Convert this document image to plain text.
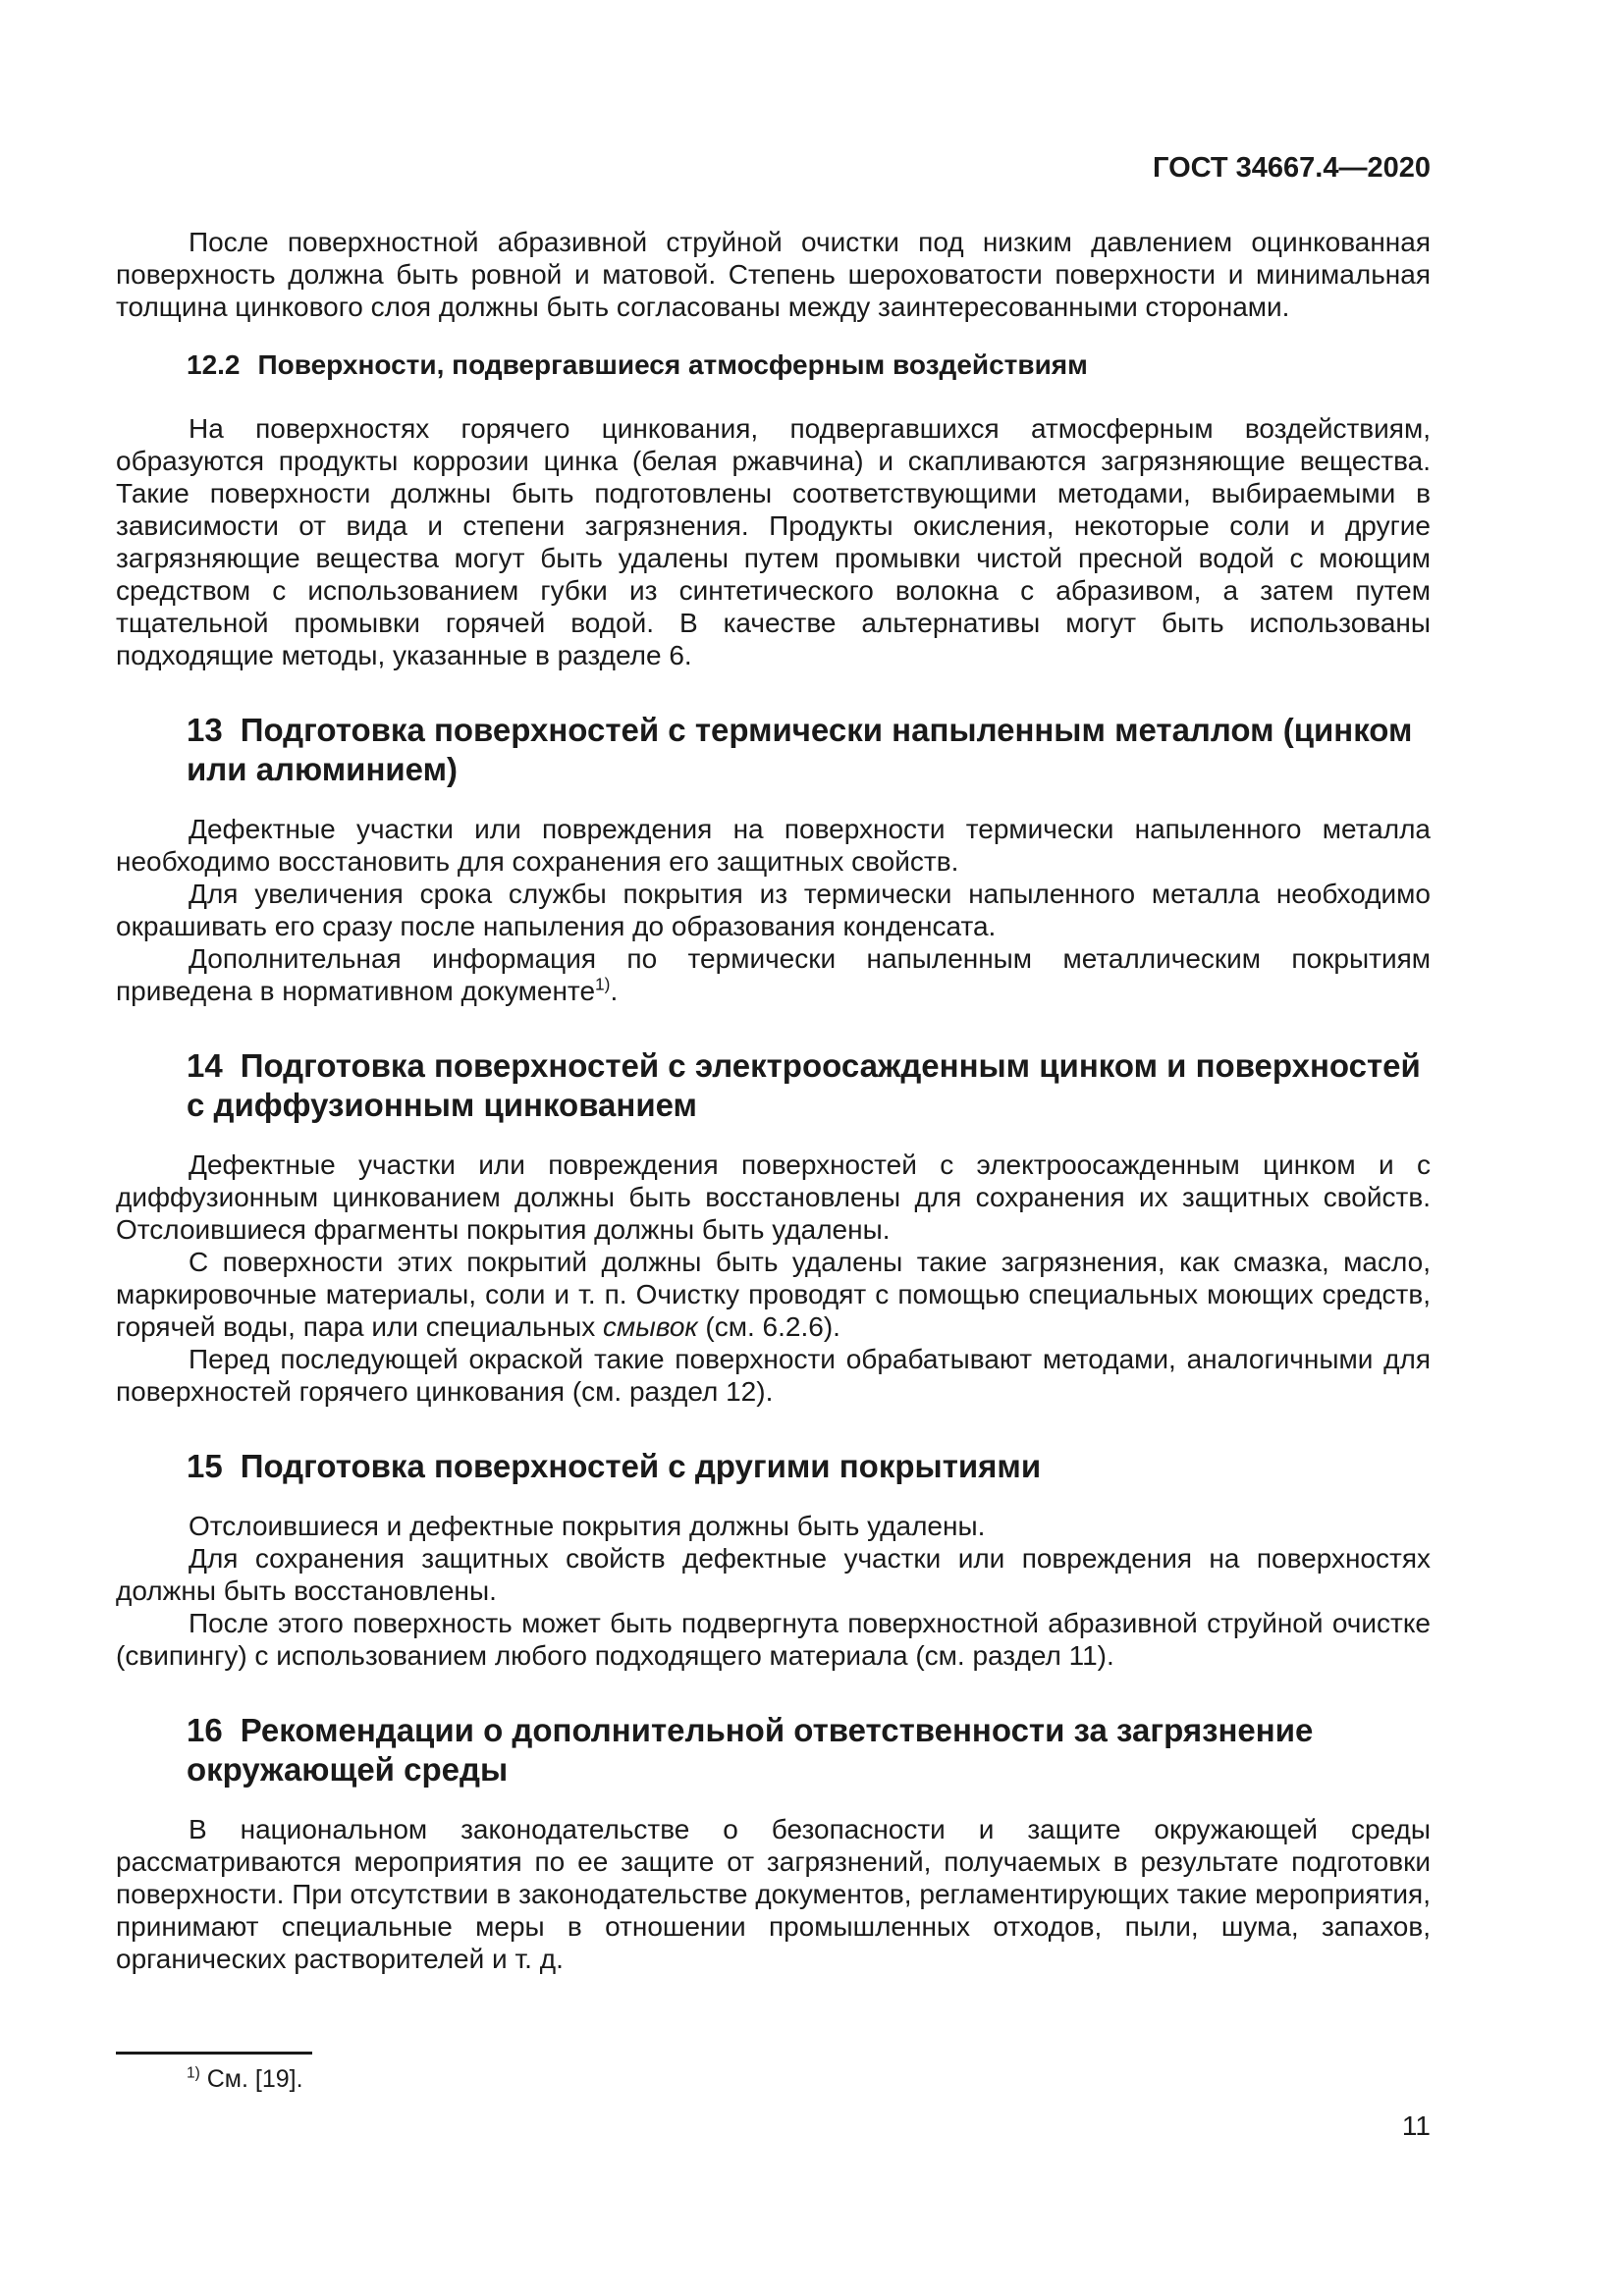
ГОСТ 34667.4—2020

После поверхностной абразивной струйной очистки под низким давлением оцинкованная поверхность должна быть ровной и матовой. Степень шероховатости поверхности и минимальная толщина цинкового слоя должны быть согласованы между заинтересованными сторонами.

12.2 Поверхности, подвергавшиеся атмосферным воздействиям

На поверхностях горячего цинкования, подвергавшихся атмосферным воздействиям, образуются продукты коррозии цинка (белая ржавчина) и скапливаются загрязняющие вещества. Такие поверхности должны быть подготовлены соответствующими методами, выбираемыми в зависимости от вида и степени загрязнения. Продукты окисления, некоторые соли и другие загрязняющие вещества могут быть удалены путем промывки чистой пресной водой с моющим средством с использованием губки из синтетического волокна с абразивом, а затем путем тщательной промывки горячей водой. В качестве альтернативы могут быть использованы подходящие методы, указанные в разделе 6.

13 Подготовка поверхностей с термически напыленным металлом (цинком или алюминием)

Дефектные участки или повреждения на поверхности термически напыленного металла необходимо восстановить для сохранения его защитных свойств.

Для увеличения срока службы покрытия из термически напыленного металла необходимо окрашивать его сразу после напыления до образования конденсата.

Дополнительная информация по термически напыленным металлическим покрытиям приведена в нормативном документе$^{1)}$.

14 Подготовка поверхностей с электроосажденным цинком и поверхностей с диффузионным цинкованием

Дефектные участки или повреждения поверхностей с электроосажденным цинком и с диффузионным цинкованием должны быть восстановлены для сохранения их защитных свойств. Отслоившиеся фрагменты покрытия должны быть удалены.

С поверхности этих покрытий должны быть удалены такие загрязнения, как смазка, масло, маркировочные материалы, соли и т. п. Очистку проводят с помощью специальных моющих средств, горячей воды, пара или специальных смывок (см. 6.2.6).

Перед последующей окраской такие поверхности обрабатывают методами, аналогичными для поверхностей горячего цинкования (см. раздел 12).

15 Подготовка поверхностей с другими покрытиями

Отслоившиеся и дефектные покрытия должны быть удалены.

Для сохранения защитных свойств дефектные участки или повреждения на поверхностях должны быть восстановлены.

После этого поверхность может быть подвергнута поверхностной абразивной струйной очистке (свипингу) с использованием любого подходящего материала (см. раздел 11).

16 Рекомендации о дополнительной ответственности за загрязнение окружающей среды

В национальном законодательстве о безопасности и защите окружающей среды рассматриваются мероприятия по ее защите от загрязнений, получаемых в результате подготовки поверхности. При отсутствии в законодательстве документов, регламентирующих такие мероприятия, принимают специальные меры в отношении промышленных отходов, пыли, шума, запахов, органических растворителей и т. д.

$^{1)}$ См. [19].
11
